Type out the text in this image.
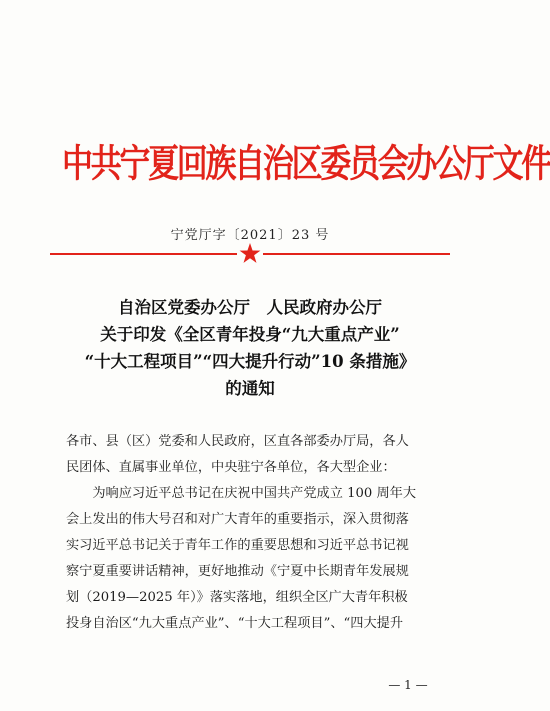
中共宁夏回族自治区委员会办公厅文件
宁党厅字〔2021〕23 号
自治区党委办公厅　人民政府办公厅
关于印发《全区青年投身“九大重点产业”
“十大工程项目”“四大提升行动”10 条措施》
的通知

各市、县（区）党委和人民政府，区直各部委办厅局，各人

民团体、直属事业单位，中央驻宁各单位，各大型企业：

　　为响应习近平总书记在庆祝中国共产党成立 100 周年大

会上发出的伟大号召和对广大青年的重要指示，深入贯彻落

实习近平总书记关于青年工作的重要思想和习近平总书记视

察宁夏重要讲话精神，更好地推动《宁夏中长期青年发展规

划（2019—2025 年）》落实落地，组织全区广大青年积极

投身自治区“九大重点产业”、“十大工程项目”、“四大提升

— 1 —
